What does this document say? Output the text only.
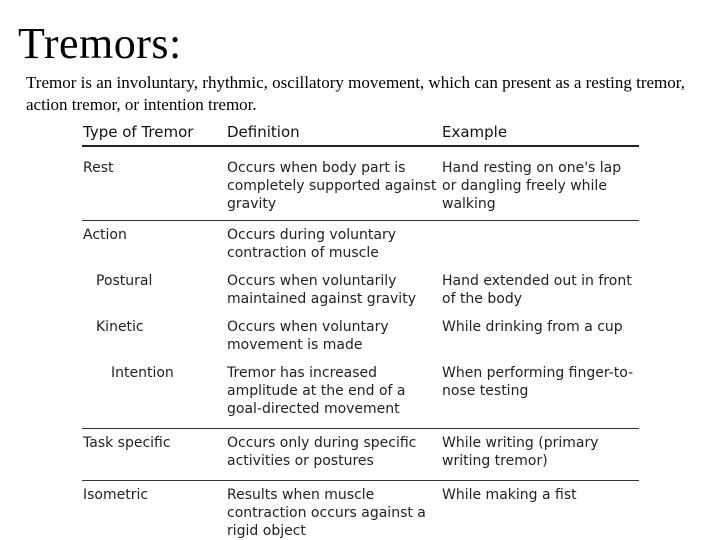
Tremors:

Tremor is an involuntary, rhythmic, oscillatory movement, which can present as a resting tremor, action tremor, or intention tremor.

Type of Tremor	Definition	Example
Rest	Occurs when body part is completely supported against gravity	Hand resting on one's lap or dangling freely while walking
Action	Occurs during voluntary contraction of muscle	
Postural	Occurs when voluntarily maintained against gravity	Hand extended out in front of the body
Kinetic	Occurs when voluntary movement is made	While drinking from a cup
Intention	Tremor has increased amplitude at the end of a goal-directed movement	When performing finger-to-nose testing
Task specific	Occurs only during specific activities or postures	While writing (primary writing tremor)
Isometric	Results when muscle contraction occurs against a rigid object	While making a fist
